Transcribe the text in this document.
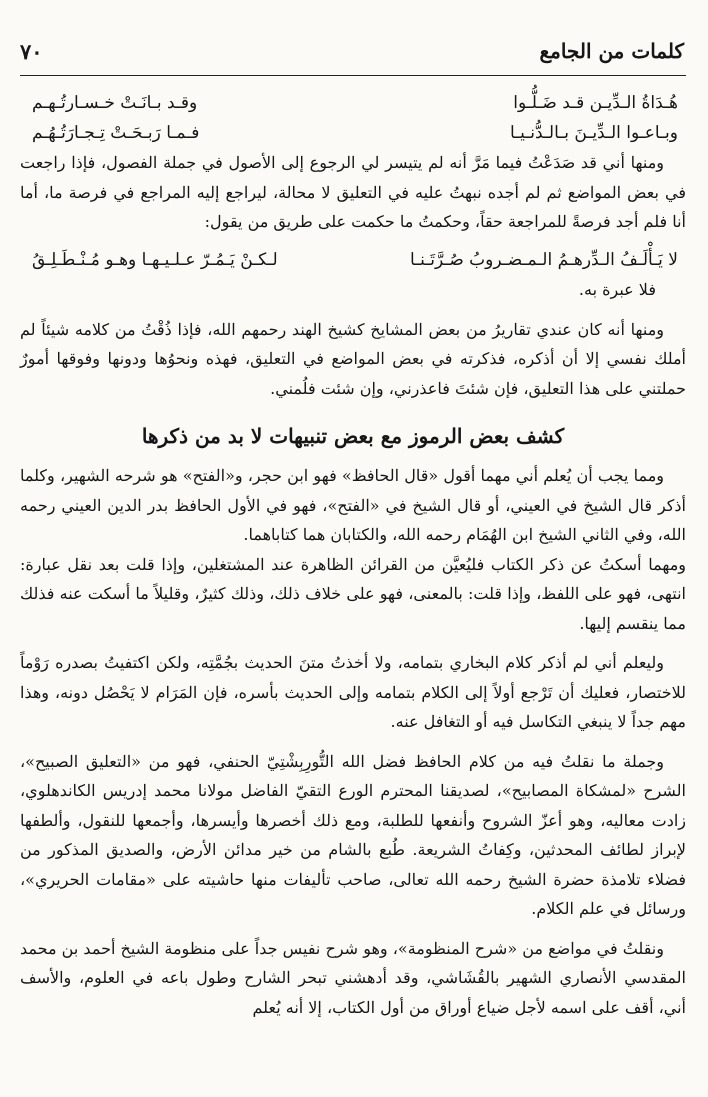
٧٠	كلمات من الجامع
هُـدَاةُ الـدِّيـن قـد ضَـلُّـوا
وقـد بـانَـتْ خـسـارتُـهـم
وبـاعـوا الـدِّيـنَ بـالـدُّنـيـا
فـمـا رَبـحَـتْ تِـجـارَتُـهُـم

ومنها أني قد صَدَعْتُ فيما مَرَّ أنه لم يتيسر لي الرجوع إلى الأصول في جملة الفصول، فإذا راجعت في بعض المواضع ثم لم أجده نبهتُ عليه في التعليق لا محالة، ليراجع إليه المراجع في فرصة ما، أما أنا فلم أجد فرصةً للمراجعة حقاً، وحكمتُ ما حكمت على طريق من يقول:

لا يَـأْلَـفُ الـدِّرهـمُ الـمـضـروبُ صُـرَّتَـنـا
لـكـنْ يَـمُـرّ عـلـيـهـا وهـو مُـنْـطَـلِـقُ
فلا عبرة به.

ومنها أنه كان عندي تقاريرُ من بعض المشايخ كشيخ الهند رحمهم الله، فإذا ذُقْتُ من كلامه شيئاً لم أملك نفسي إلا أن أذكره، فذكرته في بعض المواضع في التعليق، فهذه ونحوُها ودونها وفوقها أمورٌ حملتني على هذا التعليق، فإن شئتَ فاعذرني، وإن شئت فلُمني.

كشف بعض الرموز مع بعض تنبيهات لا بد من ذكرها

ومما يجب أن يُعلم أني مهما أقول «قال الحافظ» فهو ابن حجر، و«الفتح» هو شرحه الشهير، وكلما أذكر قال الشيخ في العيني، أو قال الشيخ في «الفتح»، فهو في الأول الحافظ بدر الدين العيني رحمه الله، وفي الثاني الشيخ ابن الهُمَام رحمه الله، والكتابان هما كتاباهما.

ومهما أسكتُ عن ذكر الكتاب فليُعيَّن من القرائن الظاهرة عند المشتغلين، وإذا قلت بعد نقل عبارة: انتهى، فهو على اللفظ، وإذا قلت: بالمعنى، فهو على خلاف ذلك، وذلك كثيرٌ، وقليلاً ما أسكت عنه فذلك مما ينقسم إليها.

وليعلم أني لم أذكر كلام البخاري بتمامه، ولا أخذتُ متنَ الحديث بجُمَّتِه، ولكن اكتفيتُ بصدره رَوْماً للاختصار، فعليك أن تَرْجع أولاً إلى الكلام بتمامه وإلى الحديث بأسره، فإن المَرَام لا يَحْصُل دونه، وهذا مهم جداً لا ينبغي التكاسل فيه أو التغافل عنه.

وجملة ما نقلتُ فيه من كلام الحافظ فضل الله التُّورِبِشْتِيّ الحنفي، فهو من «التعليق الصبيح»، الشرح «لمشكاة المصابيح»، لصديقنا المحترم الورع التقيّ الفاضل مولانا محمد إدريس الكاندهلوي، زادت معاليه، وهو أعزّ الشروح وأنفعها للطلبة، ومع ذلك أخصرها وأيسرها، وأجمعها للنقول، وألطفها لإبراز لطائف المحدثين، وكِفاتُ الشريعة. طُبع بالشام من خير مدائن الأرض، والصديق المذكور من فضلاء تلامذة حضرة الشيخ رحمه الله تعالى، صاحب تأليفات منها حاشيته على «مقامات الحريري»، ورسائل في علم الكلام.

ونقلتُ في مواضع من «شرح المنظومة»، وهو شرح نفيس جداً على منظومة الشيخ أحمد بن محمد المقدسي الأنصاري الشهير بالقُشَاشي، وقد أدهشني تبحر الشارح وطول باعه في العلوم، والأسف أني، أقف على اسمه لأجل ضياع أوراق من أول الكتاب، إلا أنه يُعلم
